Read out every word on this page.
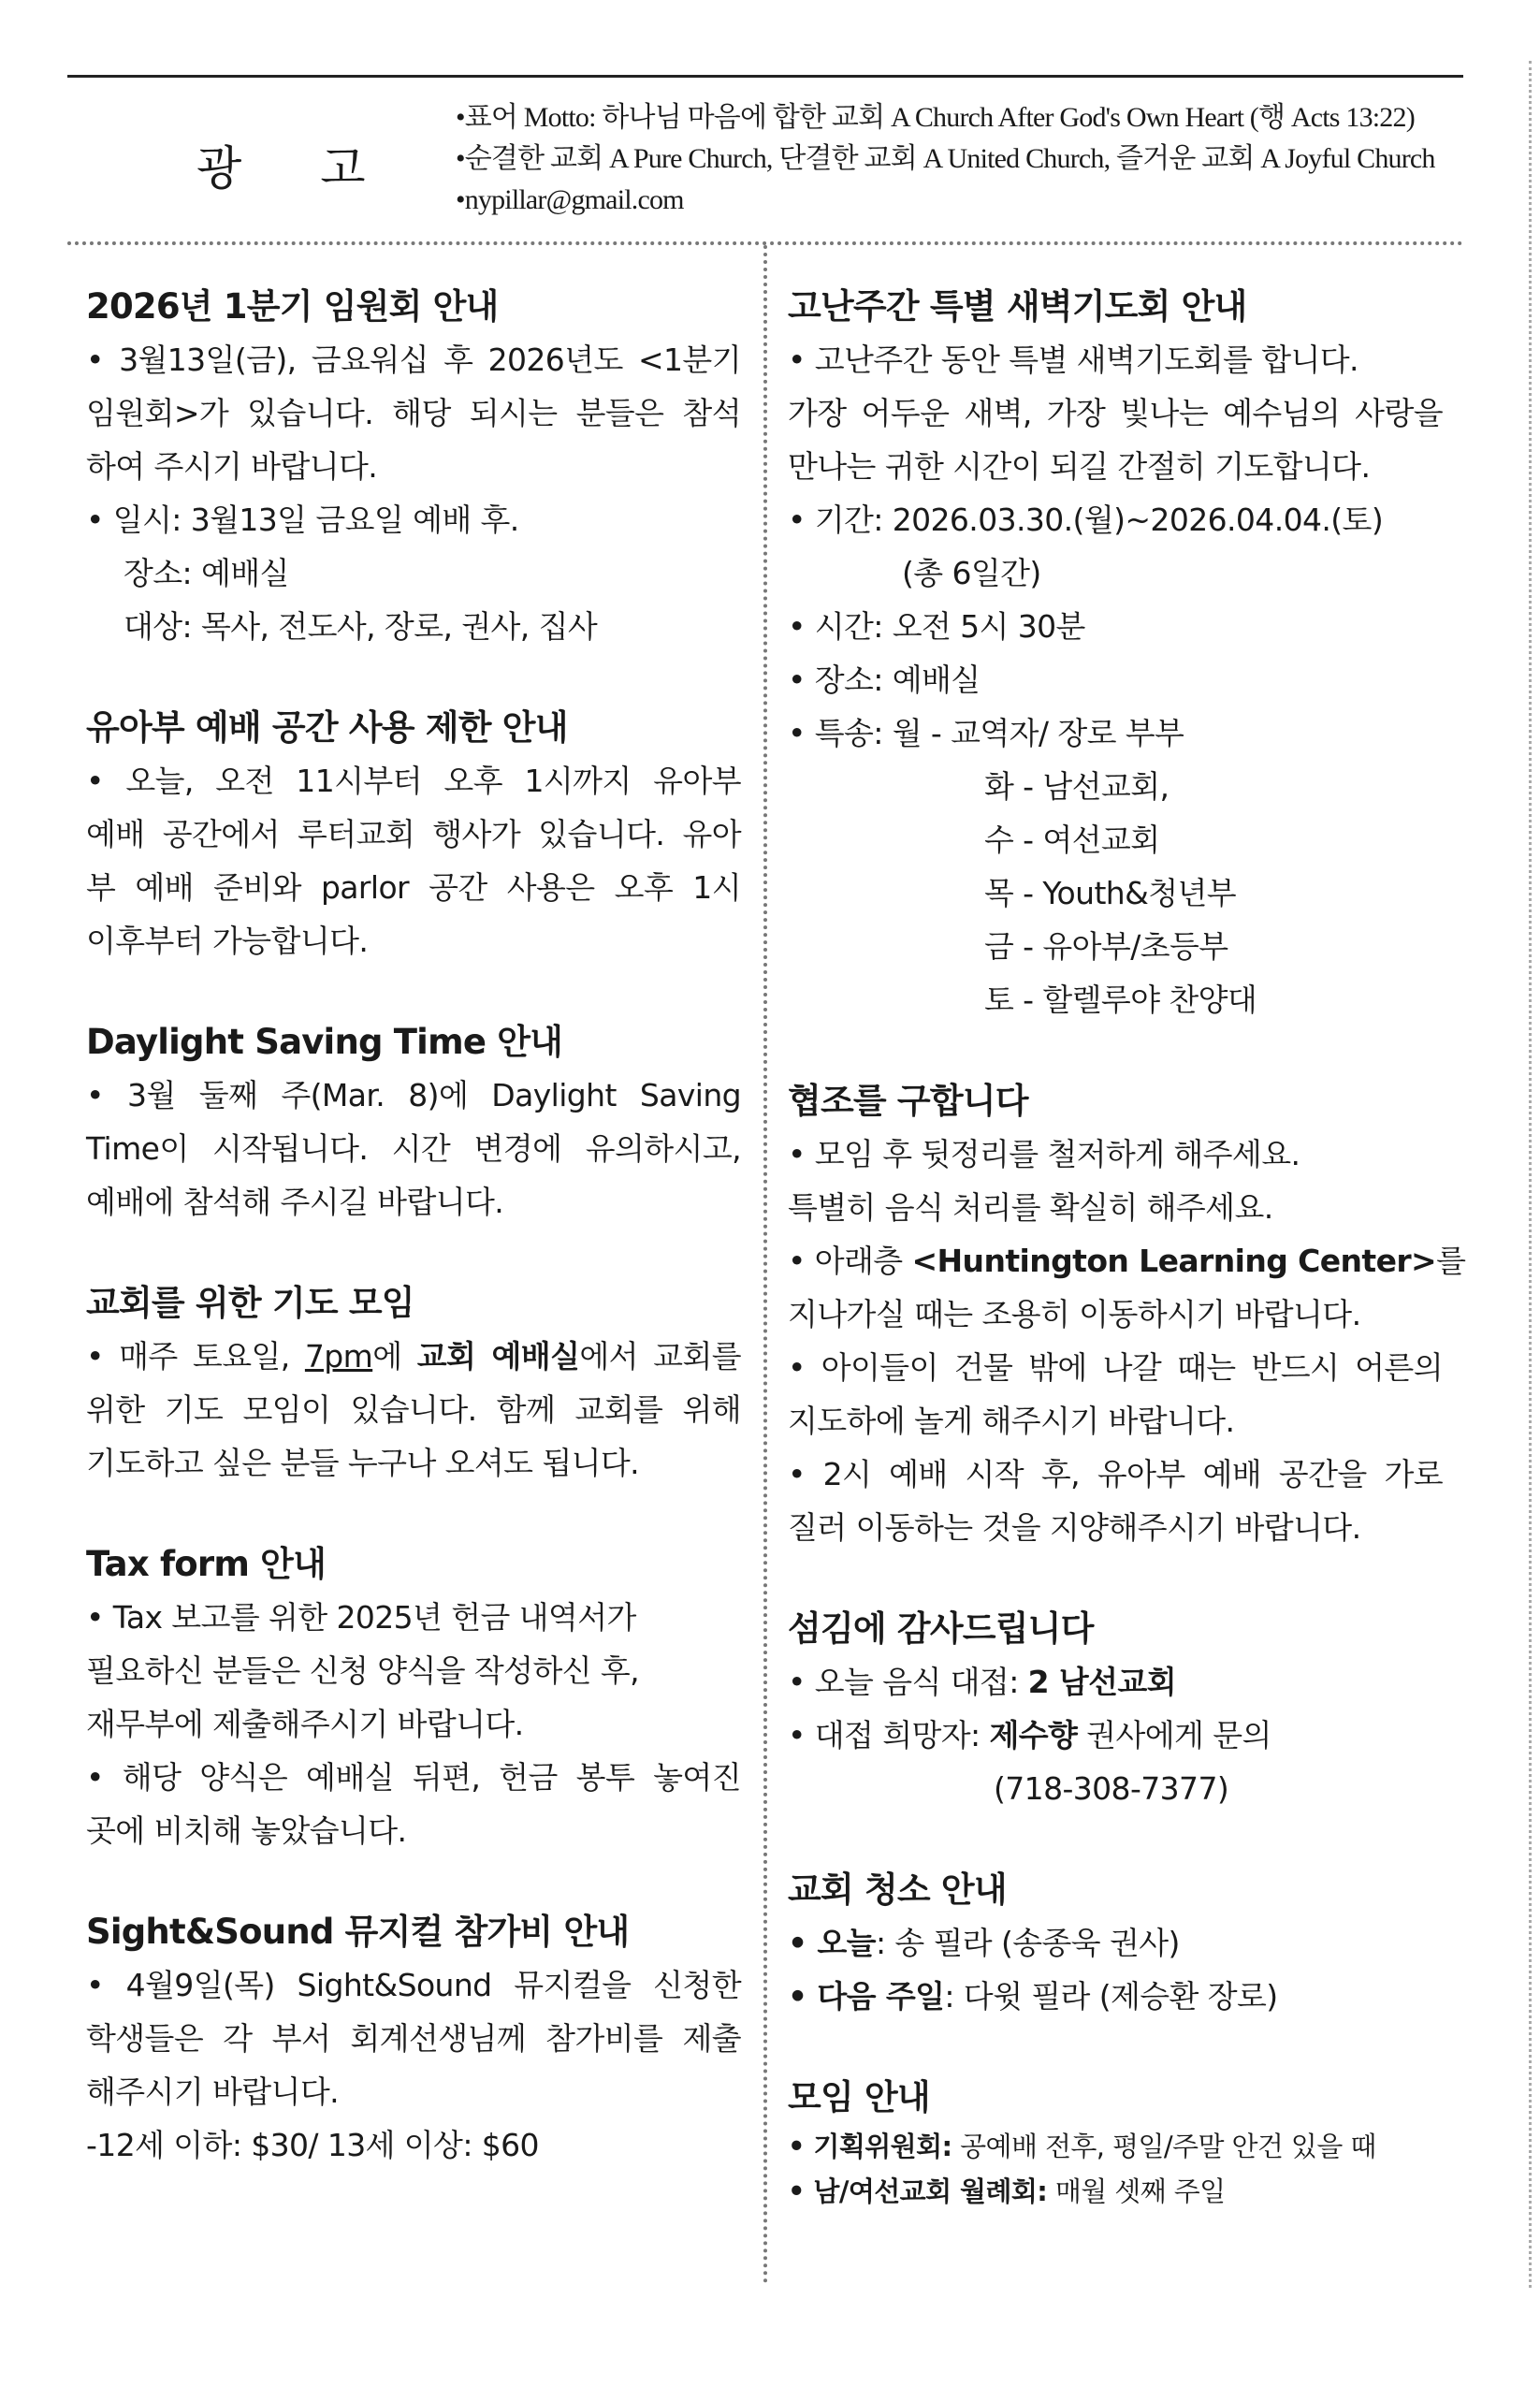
광 고
•표어 Motto: 하나님 마음에 합한 교회 A Church After God's Own Heart (행 Acts 13:22)
•순결한 교회 A Pure Church, 단결한 교회 A United Church, 즐거운 교회 A Joyful Church
•nypillar@gmail.com
2026년 1분기 임원회 안내
• 3월13일(금), 금요워십 후 2026년도 <1분기
임원회>가 있습니다. 해당 되시는 분들은 참석
하여 주시기 바랍니다.
• 일시: 3월13일 금요일 예배 후.
장소: 예배실
대상: 목사, 전도사, 장로, 권사, 집사
유아부 예배 공간 사용 제한 안내
• 오늘, 오전 11시부터 오후 1시까지 유아부
예배 공간에서 루터교회 행사가 있습니다. 유아
부 예배 준비와 parlor 공간 사용은 오후 1시
이후부터 가능합니다.
Daylight Saving Time 안내
• 3월 둘째 주(Mar. 8)에 Daylight Saving
Time이 시작됩니다. 시간 변경에 유의하시고,
예배에 참석해 주시길 바랍니다.
교회를 위한 기도 모임
• 매주 토요일, 7pm에 교회 예배실에서 교회를
위한 기도 모임이 있습니다. 함께 교회를 위해
기도하고 싶은 분들 누구나 오셔도 됩니다.
Tax form 안내
• Tax 보고를 위한 2025년 헌금 내역서가
필요하신 분들은 신청 양식을 작성하신 후,
재무부에 제출해주시기 바랍니다.
• 해당 양식은 예배실 뒤편, 헌금 봉투 놓여진
곳에 비치해 놓았습니다.
Sight&Sound 뮤지컬 참가비 안내
• 4월9일(목) Sight&Sound 뮤지컬을 신청한
학생들은 각 부서 회계선생님께 참가비를 제출
해주시기 바랍니다.
-12세 이하: $30/ 13세 이상: $60
고난주간 특별 새벽기도회 안내
• 고난주간 동안 특별 새벽기도회를 합니다.
가장 어두운 새벽, 가장 빛나는 예수님의 사랑을
만나는 귀한 시간이 되길 간절히 기도합니다.
• 기간: 2026.03.30.(월)~2026.04.04.(토)
(총 6일간)
• 시간: 오전 5시 30분
• 장소: 예배실
• 특송: 월 - 교역자/ 장로 부부
화 - 남선교회,
수 - 여선교회
목 - Youth&청년부
금 - 유아부/초등부
토 - 할렐루야 찬양대
협조를 구합니다
• 모임 후 뒷정리를 철저하게 해주세요.
특별히 음식 처리를 확실히 해주세요.
• 아래층 <Huntington Learning Center>를
지나가실 때는 조용히 이동하시기 바랍니다.
• 아이들이 건물 밖에 나갈 때는 반드시 어른의
지도하에 놀게 해주시기 바랍니다.
• 2시 예배 시작 후, 유아부 예배 공간을 가로
질러 이동하는 것을 지양해주시기 바랍니다.
섬김에 감사드립니다
• 오늘 음식 대접: 2 남선교회
• 대접 희망자: 제수향 권사에게 문의
(718-308-7377)
교회 청소 안내
• 오늘: 송 필라 (송종욱 권사)
• 다음 주일: 다윗 필라 (제승환 장로)
모임 안내
• 기획위원회: 공예배 전후, 평일/주말 안건 있을 때
• 남/여선교회 월례회: 매월 셋째 주일
